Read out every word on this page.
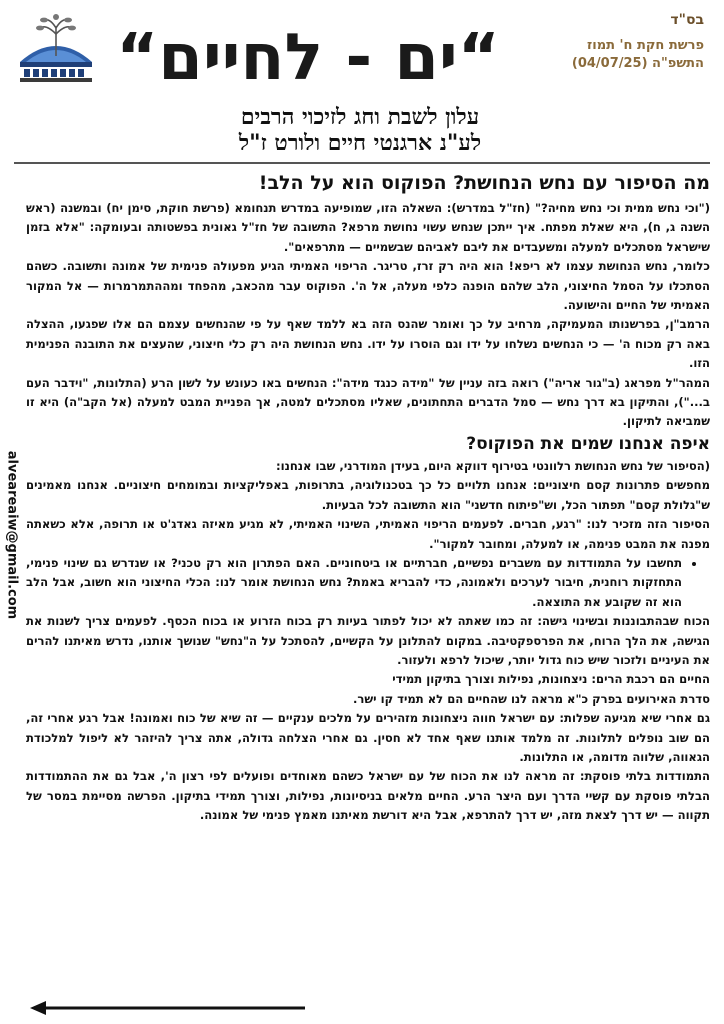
“ים - לחיים“
בס"ד
פרשת חקת ח' תמוז
התשפ"ה (04/07/25)
עלון לשבת וחג לזיכוי הרבים
לע"נ ארגנטי חיים ולורט ז"ל
alveareaiw@gmail.com
מה הסיפור עם נחש הנחושת? הפוקוס הוא על הלב!

("וכי נחש ממית וכי נחש מחיה?" (חז"ל במדרש): השאלה הזו, שמופיעה במדרש תנחומא (פרשת חוקת, סימן יח) ובמשנה (ראש השנה ג, ח), היא שאלת מפתח. איך ייתכן שנחש עשוי נחושת מרפא? התשובה של חז"ל גאונית בפשטותה ובעומקה: "אלא בזמן שישראל מסתכלים למעלה ומשעבדים את ליבם לאביהם שבשמיים — מתרפאים".

כלומר, נחש הנחושת עצמו לא ריפא! הוא היה רק זרז, טריגר. הריפוי האמיתי הגיע מפעולה פנימית של אמונה ותשובה. כשהם הסתכלו על הסמל החיצוני, הלב שלהם הופנה כלפי מעלה, אל ה'. הפוקוס עבר מהכאב, מהפחד ומההתמרמרות — אל המקור האמיתי של החיים והישועה.

הרמב"ן, בפרשנותו המעמיקה, מרחיב על כך ואומר שהנס הזה בא ללמד שאף על פי שהנחשים עצמם הם אלו שפגעו, ההצלה באה רק מכוח ה' — כי הנחשים נשלחו על ידו וגם הוסרו על ידו. נחש הנחושת היה רק כלי חיצוני, שהעצים את התובנה הפנימית הזו.

המהר"ל מפראג (ב"גור אריה") רואה בזה עניין של "מידה כנגד מידה": הנחשים באו כעונש על לשון הרע (התלונות, "וידבר העם ב..."), והתיקון בא דרך נחש — סמל הדברים התחתונים, שאליו מסתכלים למטה, אך הפניית המבט למעלה (אל הקב"ה) היא זו שמביאה לתיקון.

איפה אנחנו שמים את הפוקוס?

(הסיפור של נחש הנחושת רלוונטי בטירוף דווקא היום, בעידן המודרני, שבו אנחנו:

מחפשים פתרונות קסם חיצוניים: אנחנו תלויים כל כך בטכנולוגיה, בתרופות, באפליקציות ובמומחים חיצוניים. אנחנו מאמינים ש"גלולת קסם" תפתור הכל, וש"פיתוח חדשני" הוא התשובה לכל הבעיות.

הסיפור הזה מזכיר לנו: "רגע, חברים. לפעמים הריפוי האמיתי, השינוי האמיתי, לא מגיע מאיזה גאדג'ט או תרופה, אלא כשאתה מפנה את המבט פנימה, או למעלה, ומחובר למקור".

• תחשבו על התמודדות עם משברים נפשיים, חברתיים או ביטחוניים. האם הפתרון הוא רק טכני? או שנדרש גם שינוי פנימי, התחזקות רוחנית, חיבור לערכים ולאמונה, כדי להבריא באמת? נחש הנחושת אומר לנו: הכלי החיצוני הוא חשוב, אבל הלב הוא זה שקובע את התוצאה.

הכוח שבהתבוננות ובשינוי גישה: זה כמו שאתה לא יכול לפתור בעיות רק בכוח הזרוע או בכוח הכסף. לפעמים צריך לשנות את הגישה, את הלך הרוח, את הפרספקטיבה. במקום להתלונן על הקשיים, להסתכל על ה"נחש" שנושך אותנו, נדרש מאיתנו להרים את העיניים ולזכור שיש כוח גדול יותר, שיכול לרפא ולעזור.

החיים הם רכבת הרים: ניצחונות, נפילות וצורך בתיקון תמידי

סדרת האירועים בפרק כ"א מראה לנו שהחיים הם לא תמיד קו ישר.

גם אחרי שיא מגיעה שפלות: עם ישראל חווה ניצחונות מזהירים על מלכים ענקיים — זה שיא של כוח ואמונה! אבל רגע אחרי זה, הם שוב נופלים לתלונות. זה מלמד אותנו שאף אחד לא חסין. גם אחרי הצלחה גדולה, אתה צריך להיזהר לא ליפול למלכודת הגאווה, שלווה מדומה, או התלונות.

התמודדות בלתי פוסקת: זה מראה לנו את הכוח של עם ישראל כשהם מאוחדים ופועלים לפי רצון ה', אבל גם את ההתמודדות הבלתי פוסקת עם קשיי הדרך ועם היצר הרע. החיים מלאים בניסיונות, נפילות, וצורך תמידי בתיקון. הפרשה מסיימת במסר של תקווה — יש דרך לצאת מזה, יש דרך להתרפא, אבל היא דורשת מאיתנו מאמץ פנימי של אמונה.
